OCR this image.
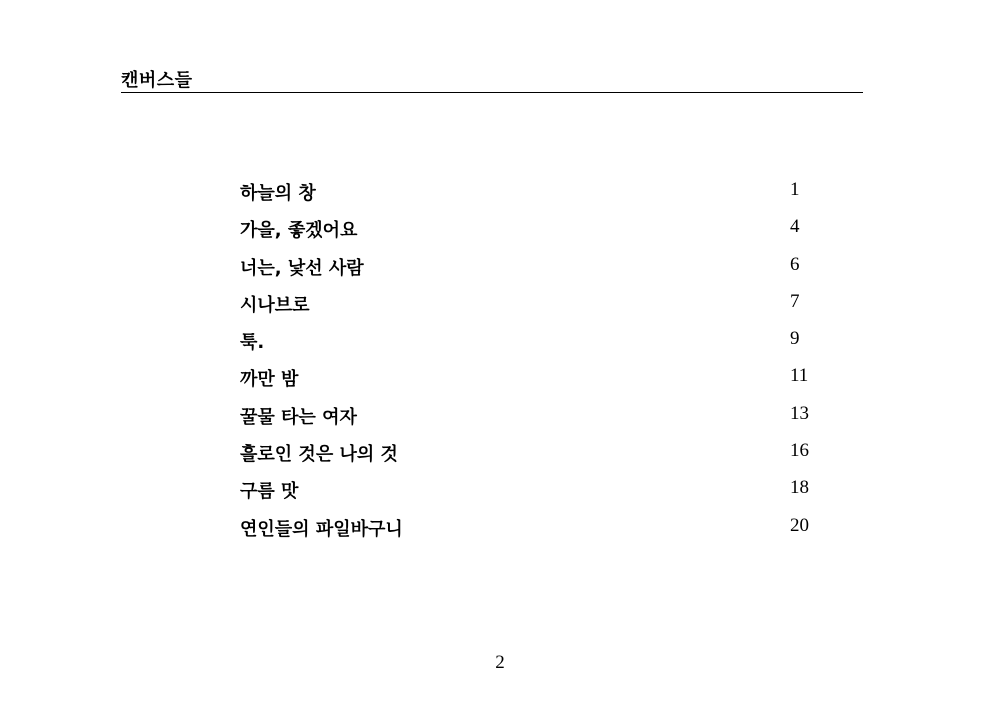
캔버스들
하늘의 창	1
가을, 좋겠어요	4
너는, 낯선 사람	6
시나브로	7
툭.	9
까만 밤	11
꿀물 타는 여자	13
흘로인 것은 나의 것	16
구름 맛	18
연인들의 파일바구니	20
2
